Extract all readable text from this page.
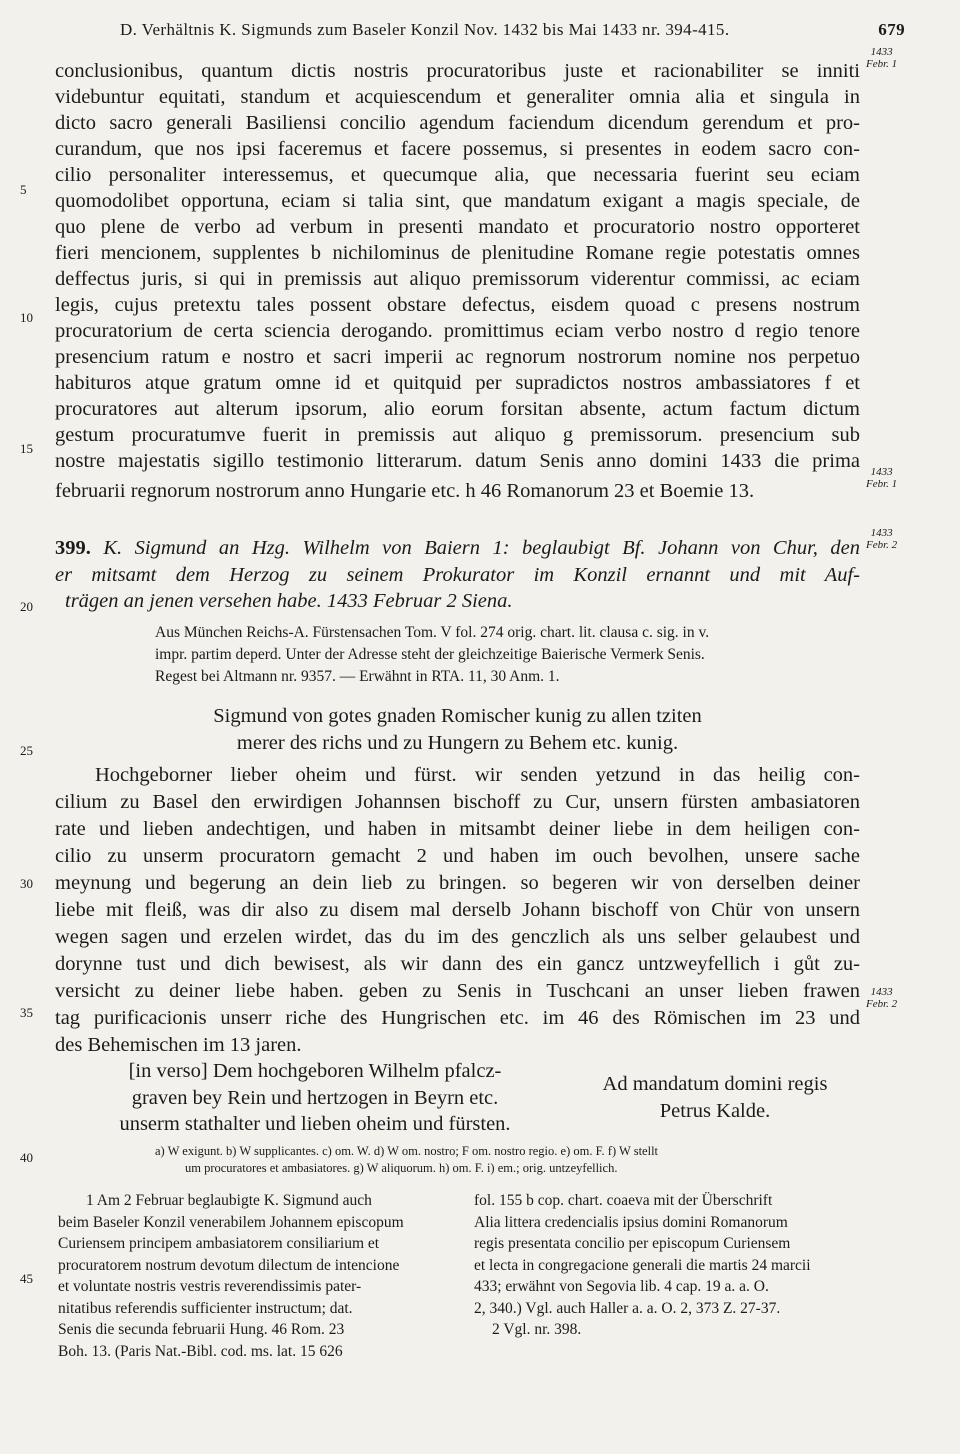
D. Verhältnis K. Sigmunds zum Baseler Konzil Nov. 1432 bis Mai 1433 nr. 394-415.	679
1433
Febr. 1
1433
Febr. 1
1433
Febr. 2
1433
Febr. 2
5
10
15
20
25
30
35
40
45
conclusionibus, quantum dictis nostris procuratoribus juste et racionabiliter se inniti
videbuntur equitati, standum et acquiescendum et generaliter omnia alia et singula in
dicto sacro generali Basiliensi concilio agendum faciendum dicendum gerendum et pro-
curandum, que nos ipsi faceremus et facere possemus, si presentes in eodem sacro con-
cilio personaliter interessemus, et quecumque alia, que necessaria fuerint seu eciam
quomodolibet opportuna, eciam si talia sint, que mandatum exigant a magis speciale, de
quo plene de verbo ad verbum in presenti mandato et procuratorio nostro opporteret
fieri mencionem, supplentes b nichilominus de plenitudine Romane regie potestatis omnes
deffectus juris, si qui in premissis aut aliquo premissorum viderentur commissi, ac eciam
legis, cujus pretextu tales possent obstare defectus, eisdem quoad c presens nostrum
procuratorium de certa sciencia derogando. promittimus eciam verbo nostro d regio tenore
presencium ratum e nostro et sacri imperii ac regnorum nostrorum nomine nos perpetuo
habituros atque gratum omne id et quitquid per supradictos nostros ambassiatores f et
procuratores aut alterum ipsorum, alio eorum forsitan absente, actum factum dictum
gestum procuratumve fuerit in premissis aut aliquo g premissorum. presencium sub
nostre majestatis sigillo testimonio litterarum. datum Senis anno domini 1433 die prima
februarii regnorum nostrorum anno Hungarie etc. h 46 Romanorum 23 et Boemie 13.
399. K. Sigmund an Hzg. Wilhelm von Baiern 1: beglaubigt Bf. Johann von Chur, den
er mitsamt dem Herzog zu seinem Prokurator im Konzil ernannt und mit Auf-
trägen an jenen versehen habe. 1433 Februar 2 Siena.
Aus München Reichs-A. Fürstensachen Tom. V fol. 274 orig. chart. lit. clausa c. sig. in v.
impr. partim deperd. Unter der Adresse steht der gleichzeitige Baierische Vermerk Senis.
Regest bei Altmann nr. 9357. — Erwähnt in RTA. 11, 30 Anm. 1.
Sigmund von gotes gnaden Romischer kunig zu allen tziten
merer des richs und zu Hungern zu Behem etc. kunig.
Hochgeborner lieber oheim und fürst. wir senden yetzund in das heilig con-
cilium zu Basel den erwirdigen Johannsen bischoff zu Cur, unsern fürsten ambasiatoren
rate und lieben andechtigen, und haben in mitsambt deiner liebe in dem heiligen con-
cilio zu unserm procuratorn gemacht 2 und haben im ouch bevolhen, unsere sache
meynung und begerung an dein lieb zu bringen. so begeren wir von derselben deiner
liebe mit fleiß, was dir also zu disem mal derselb Johann bischoff von Chür von unsern
wegen sagen und erzelen wirdet, das du im des genczlich als uns selber gelaubest und
dorynne tust und dich bewisest, als wir dann des ein gancz untzweyfellich i gůt zu-
versicht zu deiner liebe haben. geben zu Senis in Tuschcani an unser lieben frawen
tag purificacionis unserr riche des Hungrischen etc. im 46 des Römischen im 23 und
des Behemischen im 13 jaren.
[in verso] Dem hochgeboren Wilhelm pfalcz-
graven bey Rein und hertzogen in Beyrn etc.
unserm stathalter und lieben oheim und fürsten.
Ad mandatum domini regis
Petrus Kalde.
a) W exigunt. b) W supplicantes. c) om. W. d) W om. nostro; F om. nostro regio. e) om. F. f) W stellt
um procuratores et ambasiatores. g) W aliquorum. h) om. F. i) em.; orig. untzeyfellich.
1 Am 2 Februar beglaubigte K. Sigmund auch
beim Baseler Konzil venerabilem Johannem episcopum
Curiensem principem ambasiatorem consiliarium et
procuratorem nostrum devotum dilectum de intencione
et voluntate nostris vestris reverendissimis pater-
nitatibus referendis sufficienter instructum; dat.
Senis die secunda februarii Hung. 46 Rom. 23
Boh. 13. (Paris Nat.-Bibl. cod. ms. lat. 15 626
fol. 155 b cop. chart. coaeva mit der Überschrift
Alia littera credencialis ipsius domini Romanorum
regis presentata concilio per episcopum Curiensem
et lecta in congregacione generali die martis 24 marcii
433; erwähnt von Segovia lib. 4 cap. 19 a. a. O.
2, 340.) Vgl. auch Haller a. a. O. 2, 373 Z. 27-37.
2 Vgl. nr. 398.
